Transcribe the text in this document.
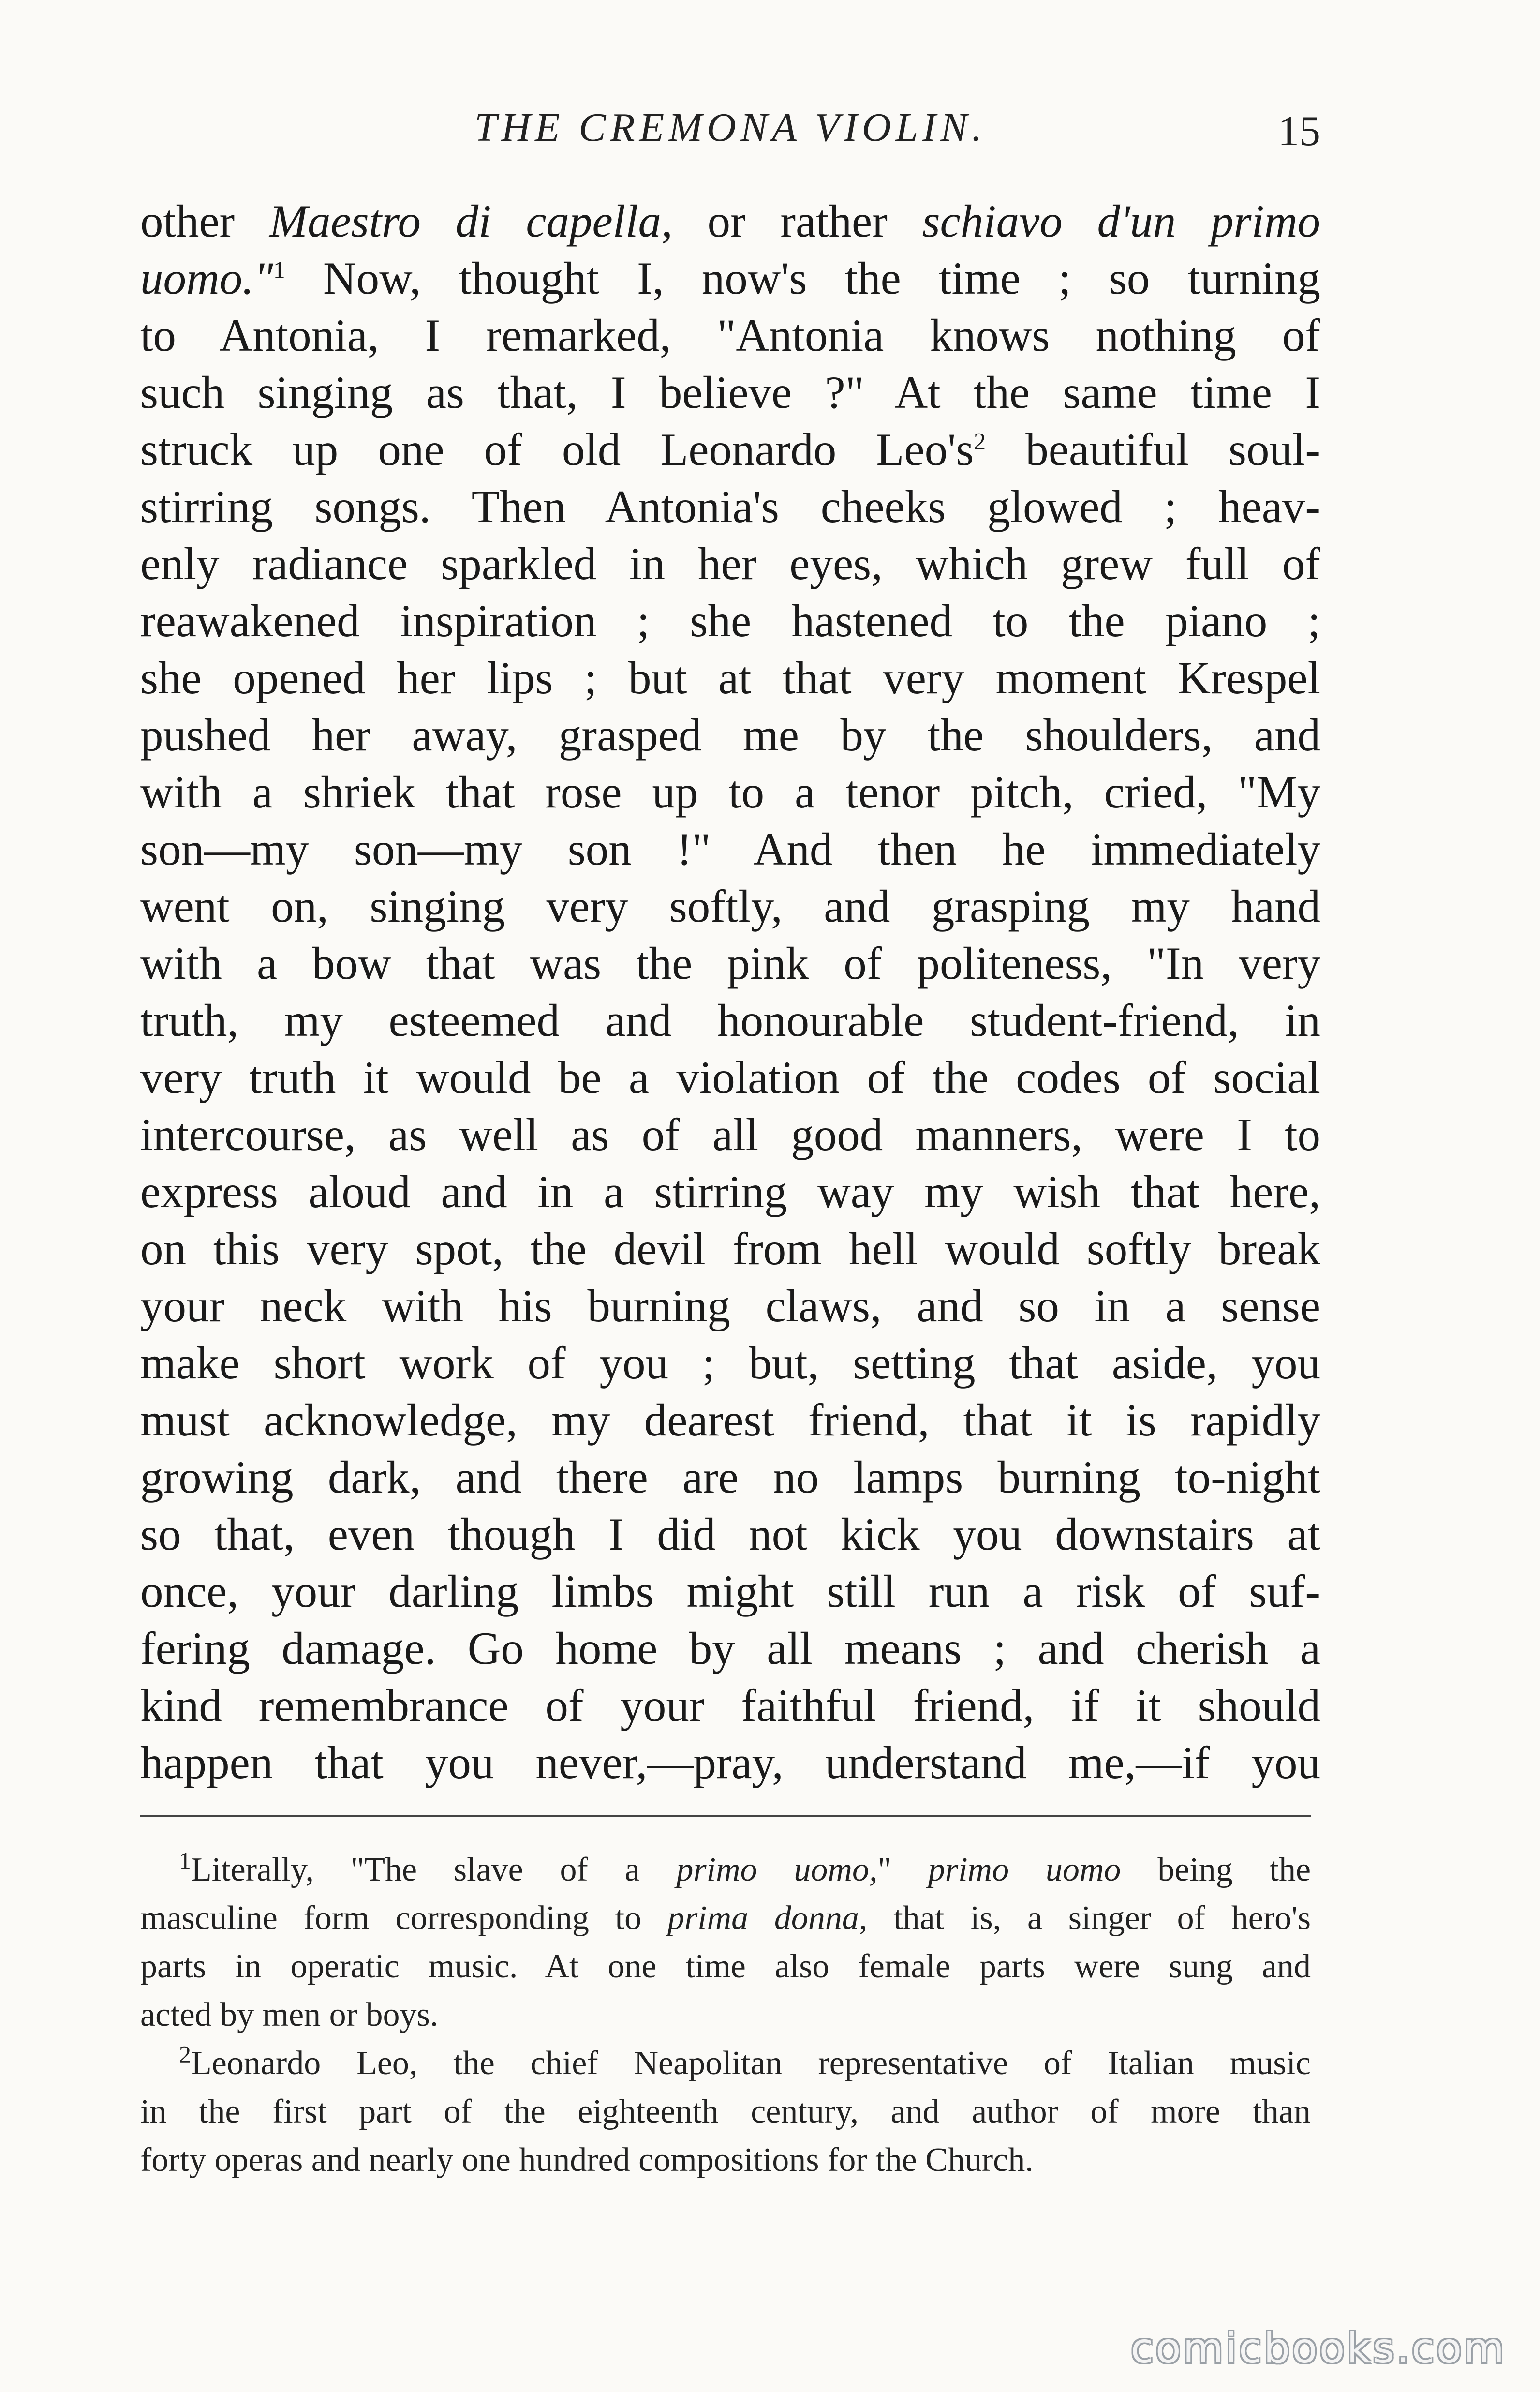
THE CREMONA VIOLIN.	15
other Maestro di capella, or rather schiavo d'un primo
uomo."$^1$ Now, thought I, now's the time ; so turning
to Antonia, I remarked, "Antonia knows nothing of
such singing as that, I believe ?" At the same time I
struck up one of old Leonardo $Leo's^2$ beautiful soul-
stirring songs. Then Antonia's cheeks glowed ; heav-
enly radiance sparkled in her eyes, which grew full of
reawakened inspiration ; she hastened to the piano ;
she opened her lips ; but at that very moment Krespel
pushed her away, grasped me by the shoulders, and
with a shriek that rose up to a tenor pitch, cried, "My
son—my son—my son !" And then he immediately
went on, singing very softly, and grasping my hand
with a bow that was the pink of politeness, "In very
truth, my esteemed and honourable student-friend, in
very truth it would be a violation of the codes of social
intercourse, as well as of all good manners, were I to
express aloud and in a stirring way my wish that here,
on this very spot, the devil from hell would softly break
your neck with his burning claws, and so in a sense
make short work of you ; but, setting that aside, you
must acknowledge, my dearest friend, that it is rapidly
growing dark, and there are no lamps burning to-night
so that, even though I did not kick you downstairs at
once, your darling limbs might still run a risk of suf-
fering damage. Go home by all means ; and cherish a
kind remembrance of your faithful friend, if it should
happen that you never,—pray, understand me,—if you
$^1$Literally, "The slave of a primo uomo," primo uomo being the
masculine form corresponding to prima donna, that is, a singer of hero's
parts in operatic music. At one time also female parts were sung and
acted by men or boys.
$^2$Leonardo Leo, the chief Neapolitan representative of Italian music
in the first part of the eighteenth century, and author of more than
forty operas and nearly one hundred compositions for the Church.
comicbooks.com
